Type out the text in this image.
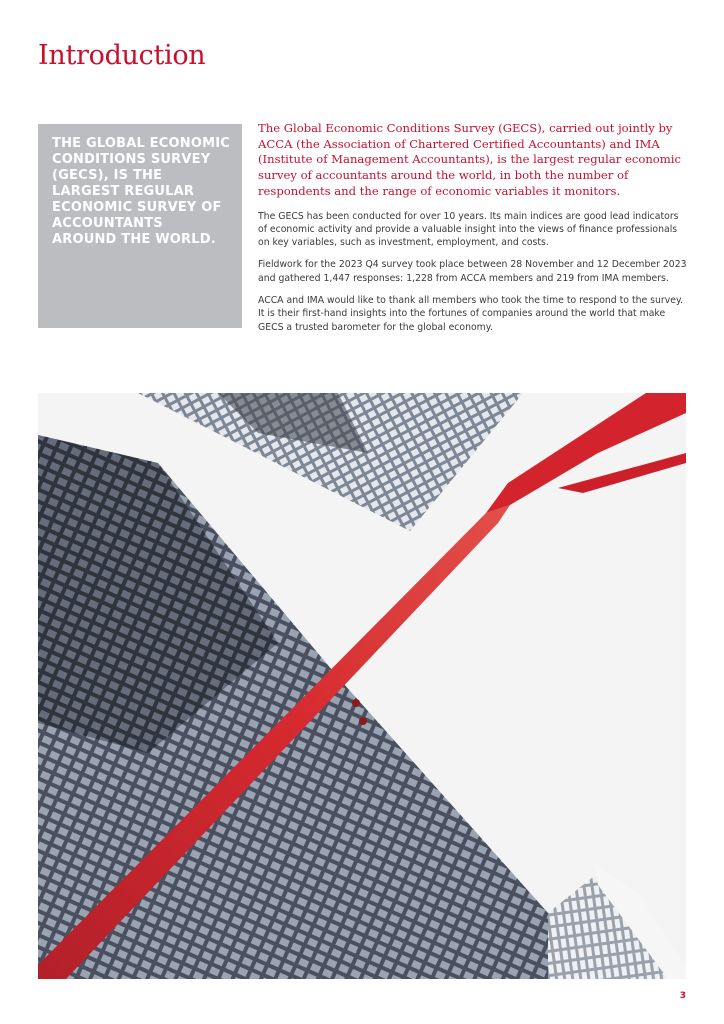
Introduction

THE GLOBAL ECONOMIC CONDITIONS SURVEY (GECS), IS THE LARGEST REGULAR ECONOMIC SURVEY OF ACCOUNTANTS AROUND THE WORLD.

The Global Economic Conditions Survey (GECS), carried out jointly by ACCA (the Association of Chartered Certified Accountants) and IMA (Institute of Management Accountants), is the largest regular economic survey of accountants around the world, in both the number of respondents and the range of economic variables it monitors.

The GECS has been conducted for over 10 years. Its main indices are good lead indicators of economic activity and provide a valuable insight into the views of finance professionals on key variables, such as investment, employment, and costs.

Fieldwork for the 2023 Q4 survey took place between 28 November and 12 December 2023 and gathered 1,447 responses: 1,228 from ACCA members and 219 from IMA members.

ACCA and IMA would like to thank all members who took the time to respond to the survey. It is their first-hand insights into the fortunes of companies around the world that make GECS a trusted barometer for the global economy.

3
